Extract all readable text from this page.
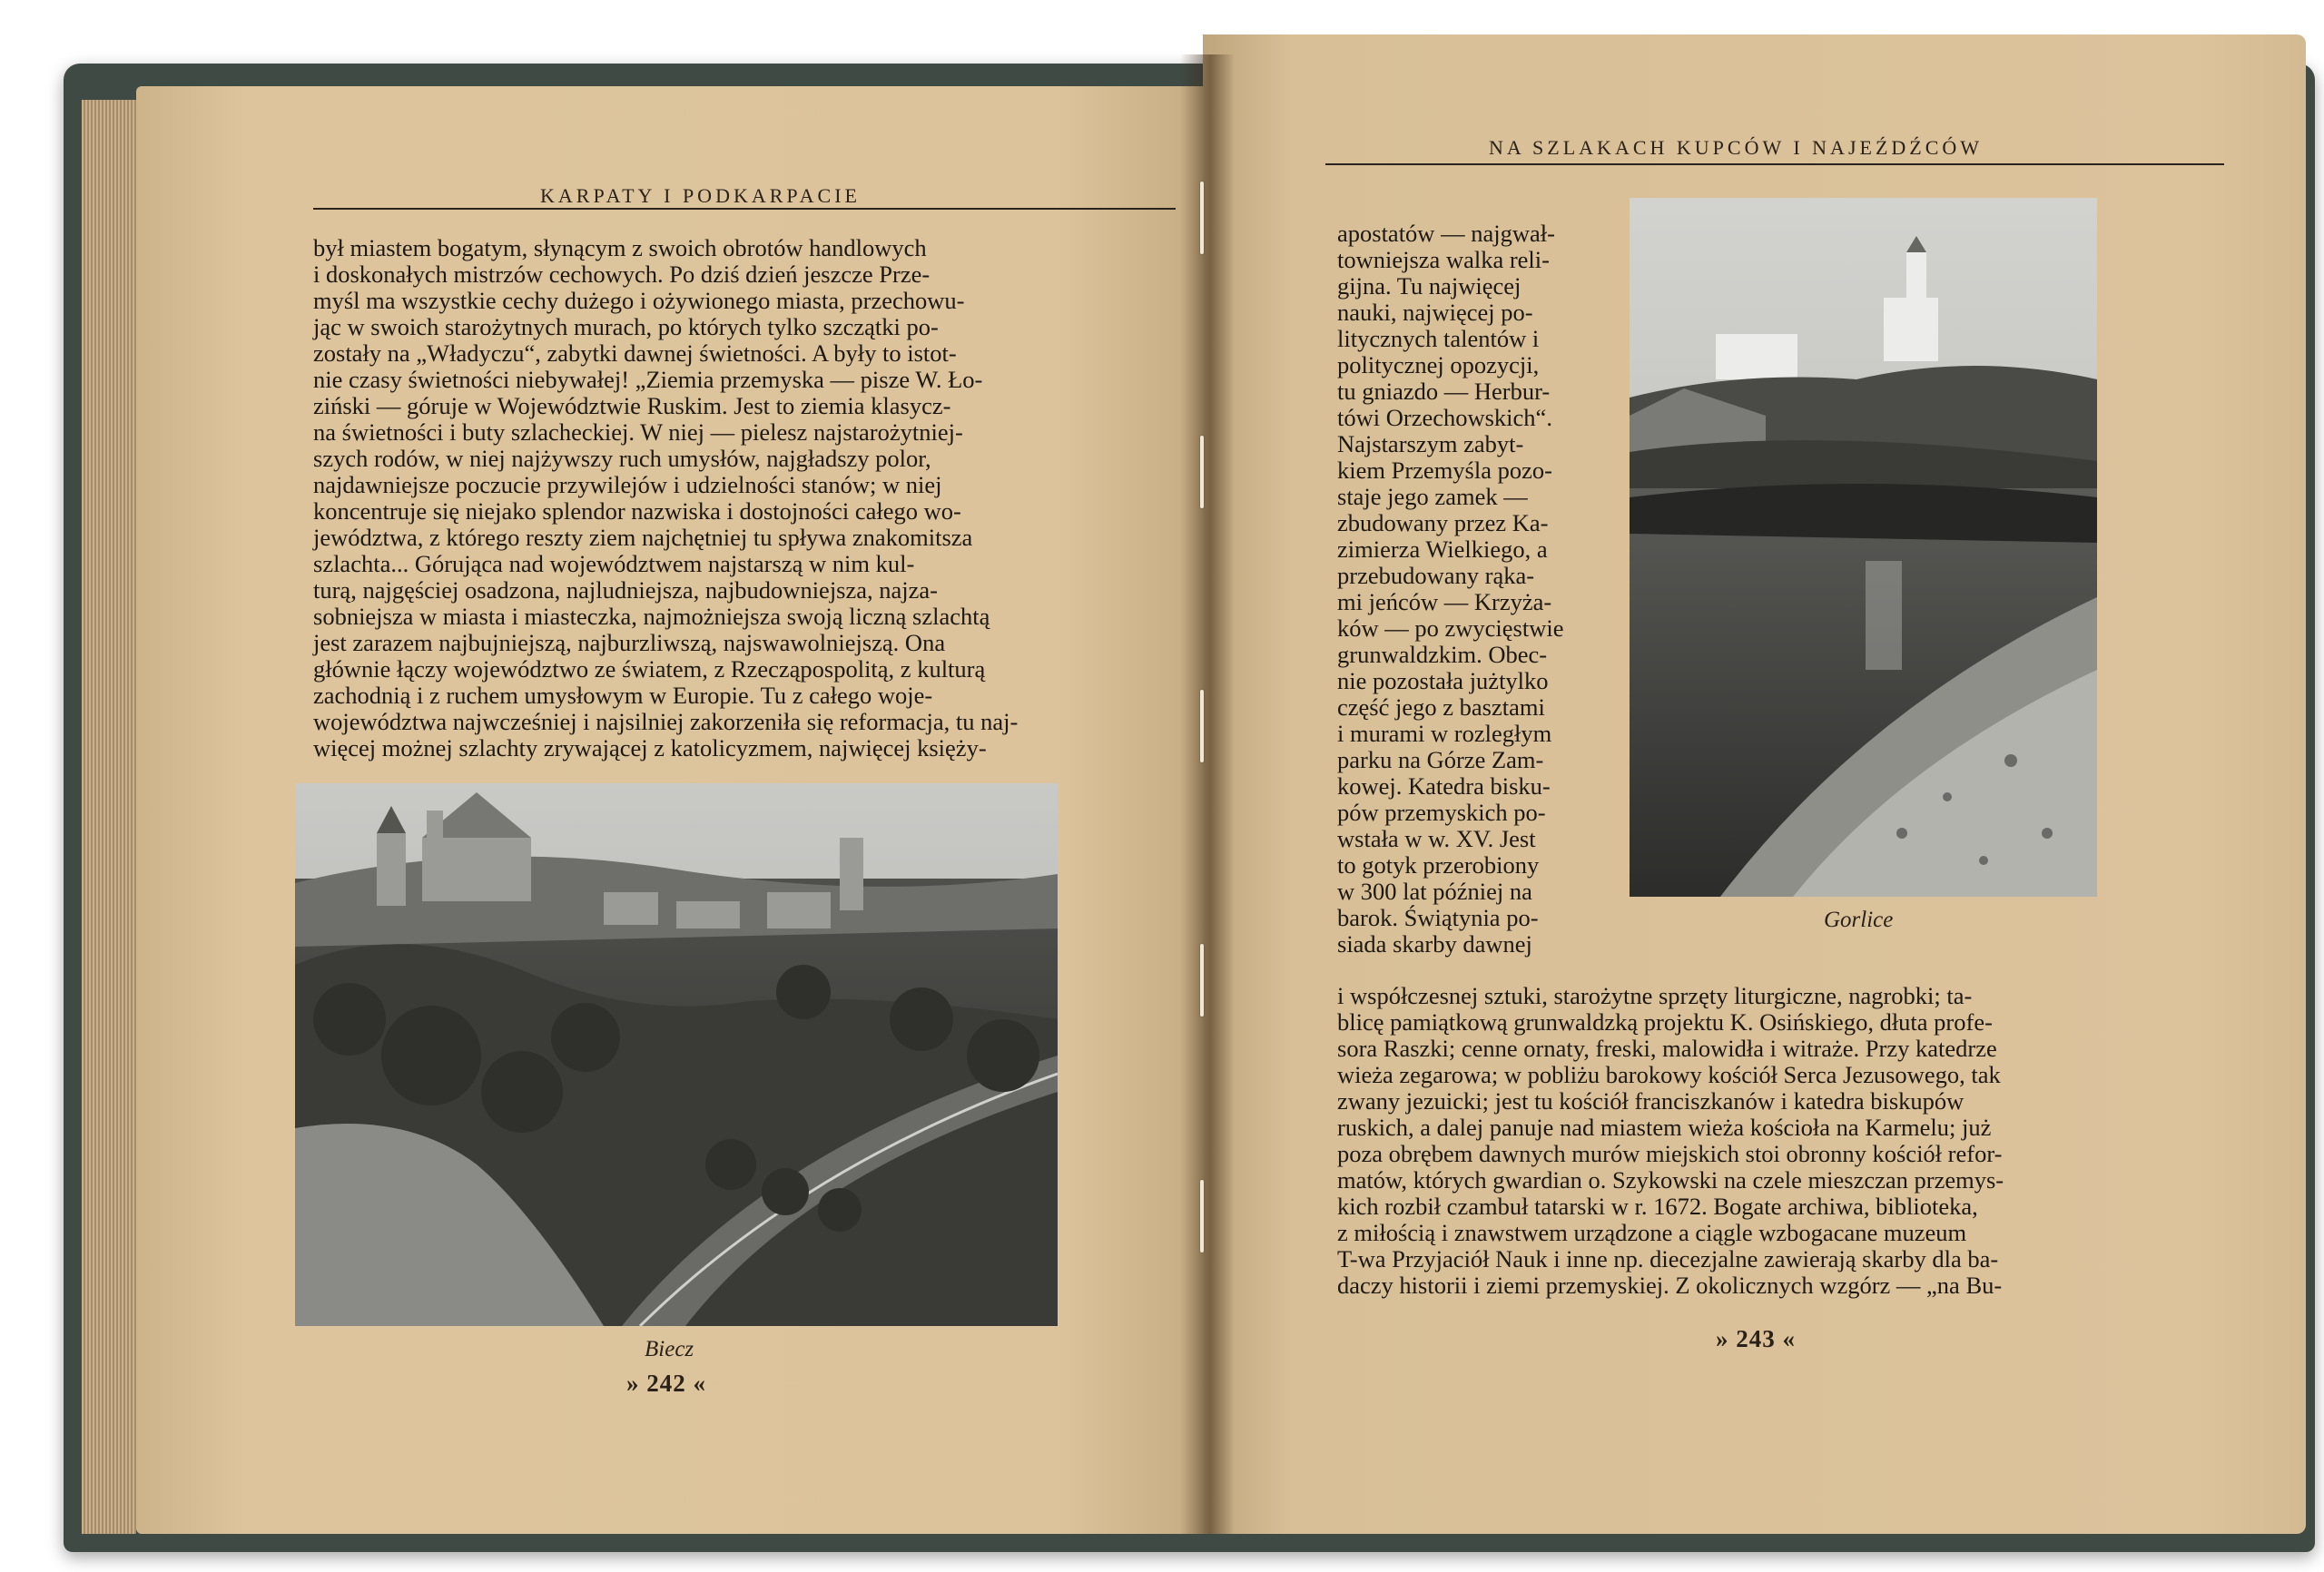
KARPATY I PODKARPACIE
był miastem bogatym, słynącym z swoich obrotów handlowych
i doskonałych mistrzów cechowych. Po dziś dzień jeszcze Prze-
myśl ma wszystkie cechy dużego i ożywionego miasta, przechowu-
jąc w swoich starożytnych murach, po których tylko szczątki po-
zostały na „Władyczu“, zabytki dawnej świetności. A były to istot-
nie czasy świetności niebywałej! „Ziemia przemyska — pisze W. Ło-
ziński — góruje w Województwie Ruskim. Jest to ziemia klasycz-
na świetności i buty szlacheckiej. W niej — pielesz najstarożytniej-
szych rodów, w niej najżywszy ruch umysłów, najgładszy polor,
najdawniejsze poczucie przywilejów i udzielności stanów; w niej
koncentruje się niejako splendor nazwiska i dostojności całego wo-
jewództwa, z którego reszty ziem najchętniej tu spływa znakomitsza
szlachta... Górująca nad województwem najstarszą w nim kul-
turą, najgęściej osadzona, najludniejsza, najbudowniejsza, najza-
sobniejsza w miasta i miasteczka, najmożniejsza swoją liczną szlachtą
jest zarazem najbujniejszą, najburzliwszą, najswawolniejszą. Ona
głównie łączy województwo ze światem, z Rzecząpospolitą, z kulturą
zachodnią i z ruchem umysłowym w Europie. Tu z całego woje-
województwa najwcześniej i najsilniej zakorzeniła się reformacja, tu naj-
więcej możnej szlachty zrywającej z katolicyzmem, najwięcej księży-
Biecz
» 242 «
NA SZLAKACH KUPCÓW I NAJEŹDŹCÓW
apostatów — najgwał-
towniejsza walka reli-
gijna. Tu najwięcej
nauki, najwięcej po-
litycznych talentów i
politycznej opozycji,
tu gniazdo — Herbur-
tówi Orzechowskich“.
Najstarszym zabyt-
kiem Przemyśla pozo-
staje jego zamek —
zbudowany przez Ka-
zimierza Wielkiego, a
przebudowany rąka-
mi jeńców — Krzyża-
ków — po zwycięstwie
grunwaldzkim. Obec-
nie pozostała jużtylko
część jego z basztami
i murami w rozległym
parku na Górze Zam-
kowej. Katedra bisku-
pów przemyskich po-
wstała w w. XV. Jest
to gotyk przerobiony
w 300 lat później na
barok. Świątynia po-
siada skarby dawnej
Gorlice
i współczesnej sztuki, starożytne sprzęty liturgiczne, nagrobki; ta-
blicę pamiątkową grunwaldzką projektu K. Osińskiego, dłuta profe-
sora Raszki; cenne ornaty, freski, malowidła i witraże. Przy katedrze
wieża zegarowa; w pobliżu barokowy kościół Serca Jezusowego, tak
zwany jezuicki; jest tu kościół franciszkanów i katedra biskupów
ruskich, a dalej panuje nad miastem wieża kościoła na Karmelu; już
poza obrębem dawnych murów miejskich stoi obronny kościół refor-
matów, których gwardian o. Szykowski na czele mieszczan przemys-
kich rozbił czambuł tatarski w r. 1672. Bogate archiwa, biblioteka,
z miłością i znawstwem urządzone a ciągle wzbogacane muzeum
T-wa Przyjaciół Nauk i inne np. diecezjalne zawierają skarby dla ba-
daczy historii i ziemi przemyskiej. Z okolicznych wzgórz — „na Bu-
» 243 «
